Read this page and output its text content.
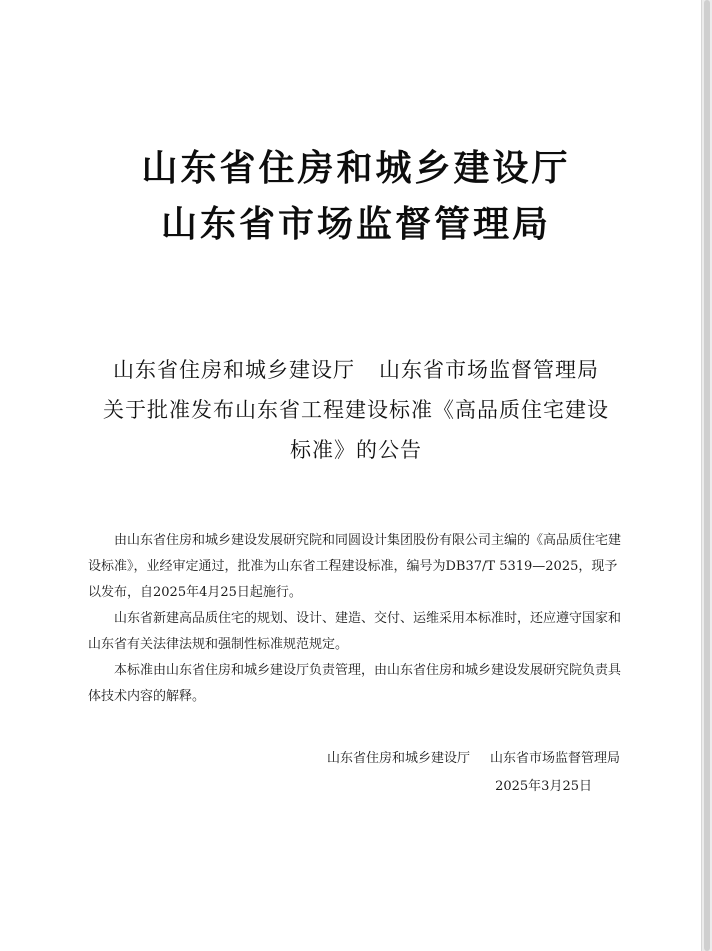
山东省住房和城乡建设厅
山东省市场监督管理局
山东省住房和城乡建设厅 山东省市场监督管理局
关于批准发布山东省工程建设标准《高品质住宅建设
标准》的公告

由山东省住房和城乡建设发展研究院和同圆设计集团股份有限公司主编的《高品质住宅建设标准》，业经审定通过，批准为山东省工程建设标准，编号为DB37/T 5319—2025，现予以发布，自2025年4月25日起施行。

山东省新建高品质住宅的规划、设计、建造、交付、运维采用本标准时，还应遵守国家和山东省有关法律法规和强制性标准规范规定。

本标准由山东省住房和城乡建设厅负责管理，由山东省住房和城乡建设发展研究院负责具体技术内容的解释。

山东省住房和城乡建设厅 山东省市场监督管理局
2025年3月25日
